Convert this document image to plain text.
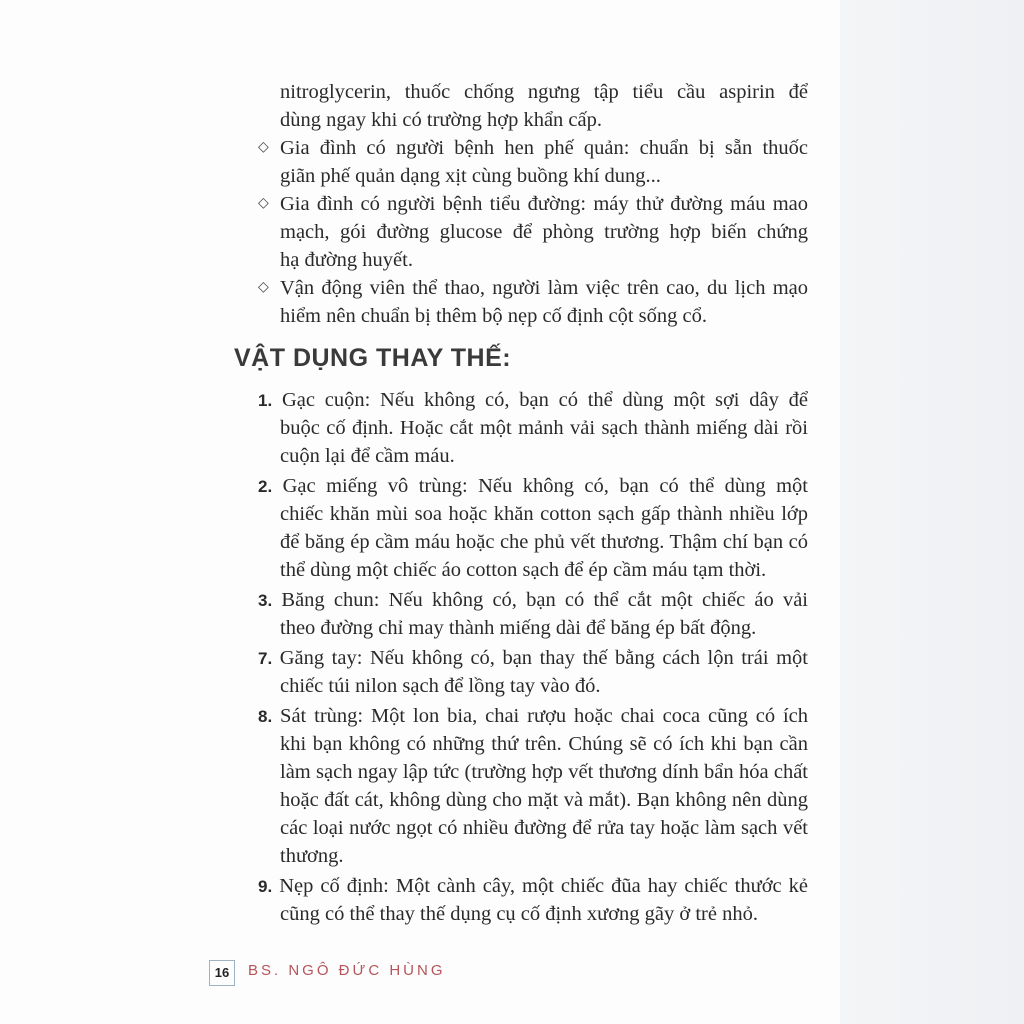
VẬT DỤNG THAY THẾ:
16	BS. NGÔ ĐỨC HÙNG
nitroglycerin, thuốc chống ngưng tập tiểu cầu aspirin để
dùng ngay khi có trường hợp khẩn cấp.
◇ Gia đình có người bệnh hen phế quản: chuẩn bị sẵn thuốc
giãn phế quản dạng xịt cùng buồng khí dung...
◇ Gia đình có người bệnh tiểu đường: máy thử đường máu mao
mạch, gói đường glucose để phòng trường hợp biến chứng
hạ đường huyết.
◇ Vận động viên thể thao, người làm việc trên cao, du lịch mạo
hiểm nên chuẩn bị thêm bộ nẹp cố định cột sống cổ.
1. Gạc cuộn: Nếu không có, bạn có thể dùng một sợi dây để
buộc cố định. Hoặc cắt một mảnh vải sạch thành miếng dài rồi
cuộn lại để cầm máu.
2. Gạc miếng vô trùng: Nếu không có, bạn có thể dùng một
chiếc khăn mùi soa hoặc khăn cotton sạch gấp thành nhiều lớp
để băng ép cầm máu hoặc che phủ vết thương. Thậm chí bạn có
thể dùng một chiếc áo cotton sạch để ép cầm máu tạm thời.
3. Băng chun: Nếu không có, bạn có thể cắt một chiếc áo vải
theo đường chỉ may thành miếng dài để băng ép bất động.
7. Găng tay: Nếu không có, bạn thay thế bằng cách lộn trái một
chiếc túi nilon sạch để lồng tay vào đó.
8. Sát trùng: Một lon bia, chai rượu hoặc chai coca cũng có ích
khi bạn không có những thứ trên. Chúng sẽ có ích khi bạn cần
làm sạch ngay lập tức (trường hợp vết thương dính bẩn hóa chất
hoặc đất cát, không dùng cho mặt và mắt). Bạn không nên dùng
các loại nước ngọt có nhiều đường để rửa tay hoặc làm sạch vết
thương.
9. Nẹp cố định: Một cành cây, một chiếc đũa hay chiếc thước kẻ
cũng có thể thay thế dụng cụ cố định xương gãy ở trẻ nhỏ.
